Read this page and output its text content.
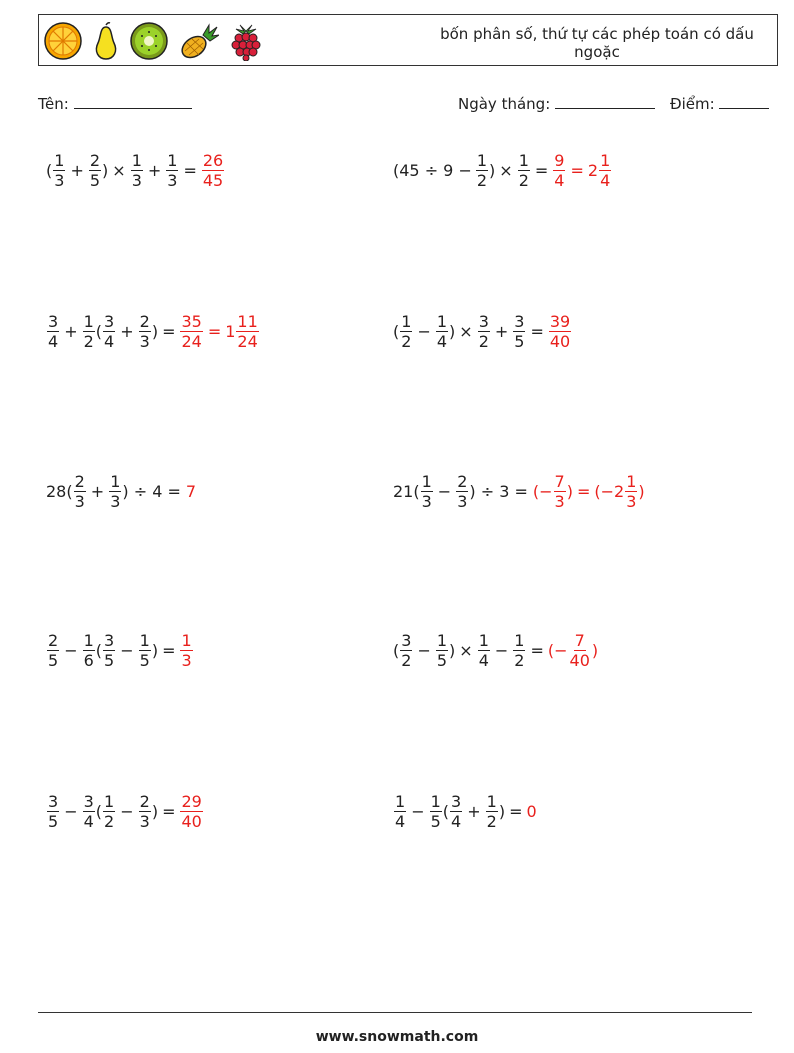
bốn phân số, thứ tự các phép toán có dấu
ngoặc
Tên:	Ngày tháng:	Điểm:
( $\frac{1}{3} + \frac{2}{5}$ ) × $\frac{1}{3} + \frac{1}{3} = \frac{26}{45}$	($45 \div 9 - \frac{1}{2}$ ) × $\frac{1}{2} = \frac{9}{4} = 2 \frac{1}{4}$
$\frac{3}{4} + \frac{1}{2}$ ( $\frac{3}{4} + \frac{2}{3}$ ) = $\frac{35}{24} = 1 \frac{11}{24}$	( $\frac{1}{2} - \frac{1}{4}$ ) × $\frac{3}{2} + \frac{3}{5} = \frac{39}{40}$
$28( \frac{2}{3} + \frac{1}{3}$ ) ÷ 4 = 7	$21( \frac{1}{3} - \frac{2}{3}$ ) ÷ 3 = (− $\frac{7}{3}$ ) = ( $-2 \frac{1}{3}$ )
$\frac{2}{5} - \frac{1}{6}$ ( $\frac{3}{5} - \frac{1}{5}$ ) = $\frac{1}{3}$	( $\frac{3}{2} - \frac{1}{5}$ ) × $\frac{1}{4} - \frac{1}{2}$ = (− $\frac{7}{40}$ )
$\frac{3}{5} - \frac{3}{4}$ ( $\frac{1}{2} - \frac{2}{3}$ ) = $\frac{29}{40}$	$\frac{1}{4} - \frac{1}{5}$ ( $\frac{3}{4} + \frac{1}{2}$ ) = 0
www.snowmath.com
